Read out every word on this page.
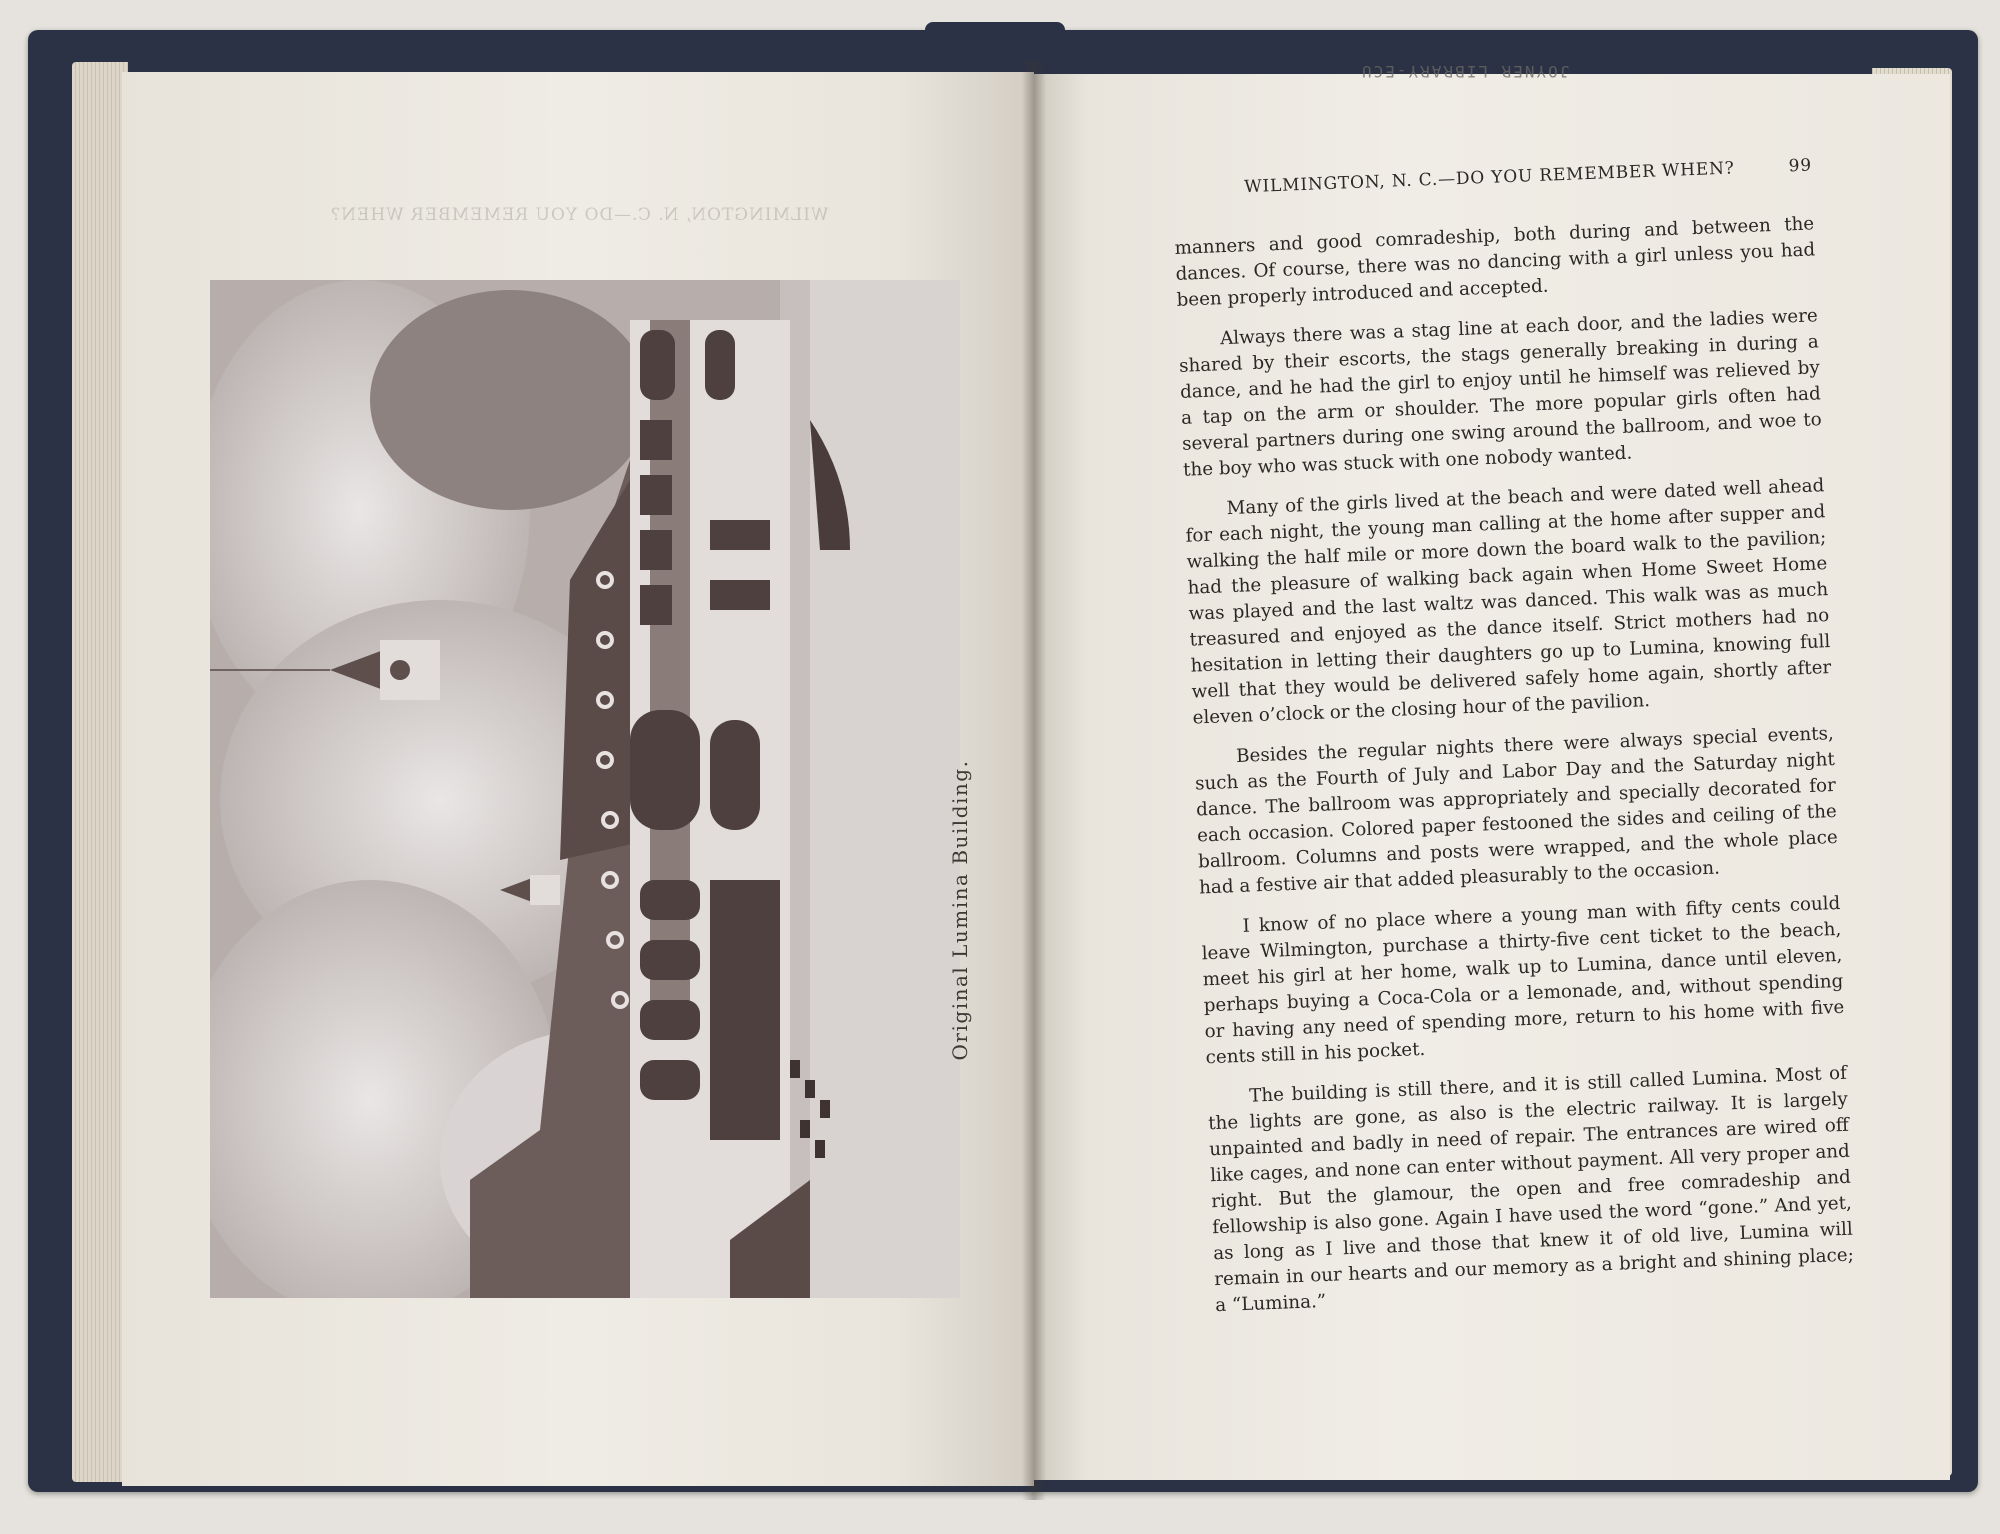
JOYNER LIBRARY-ECU
WILMINGTON, N. C.—DO YOU REMEMBER WHEN?
Original Lumina Building.
WILMINGTON, N. C.—DO YOU REMEMBER WHEN?	99

manners and good comradeship, both during and between the dances. Of course, there was no dancing with a girl unless you had been properly introduced and accepted.

Always there was a stag line at each door, and the ladies were shared by their escorts, the stags generally breaking in during a dance, and he had the girl to enjoy until he himself was relieved by a tap on the arm or shoulder. The more popular girls often had several partners during one swing around the ballroom, and woe to the boy who was stuck with one nobody wanted.

Many of the girls lived at the beach and were dated well ahead for each night, the young man calling at the home after supper and walking the half mile or more down the board walk to the pavilion; had the pleasure of walking back again when Home Sweet Home was played and the last waltz was danced. This walk was as much treasured and enjoyed as the dance itself. Strict mothers had no hesitation in letting their daughters go up to Lumina, knowing full well that they would be delivered safely home again, shortly after eleven o’clock or the closing hour of the pavilion.

Besides the regular nights there were always special events, such as the Fourth of July and Labor Day and the Saturday night dance. The ballroom was appropriately and specially decorated for each occasion. Colored paper festooned the sides and ceiling of the ballroom. Columns and posts were wrapped, and the whole place had a festive air that added pleasurably to the occasion.

I know of no place where a young man with fifty cents could leave Wilmington, purchase a thirty-five cent ticket to the beach, meet his girl at her home, walk up to Lumina, dance until eleven, perhaps buying a Coca-Cola or a lemonade, and, without spending or having any need of spending more, return to his home with five cents still in his pocket.

The building is still there, and it is still called Lumina. Most of the lights are gone, as also is the electric railway. It is largely unpainted and badly in need of repair. The entrances are wired off like cages, and none can enter without payment. All very proper and right. But the glamour, the open and free comradeship and fellowship is also gone. Again I have used the word “gone.” And yet, as long as I live and those that knew it of old live, Lumina will remain in our hearts and our memory as a bright and shining place; a “Lumina.”
